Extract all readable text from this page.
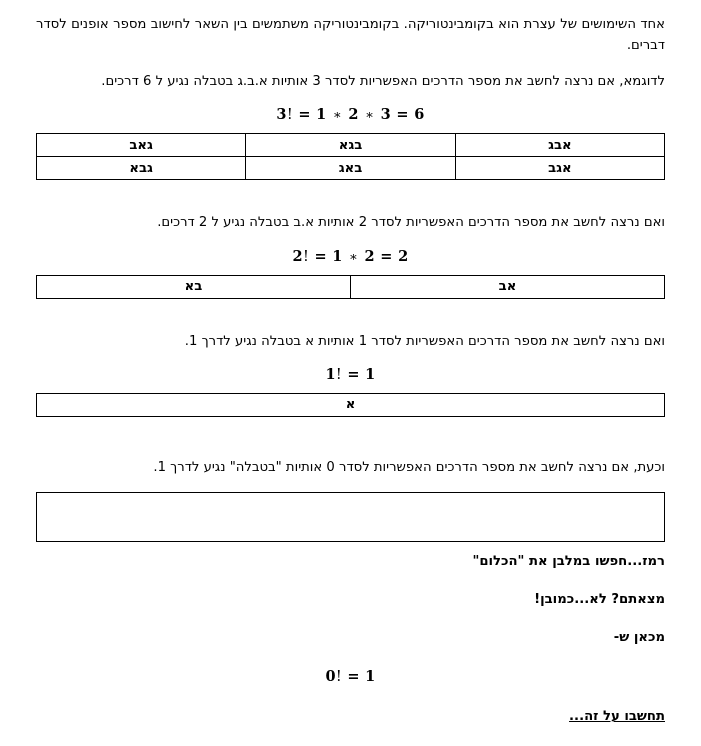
אחד השימושים של עצרת הוא בקומבינטוריקה. בקומבינטוריקה משתמשים בין השאר לחישוב מספר אופנים לסדר דברים.

לדוגמא, אם נרצה לחשב את מספר הדרכים האפשריות לסדר 3 אותיות א.ב.ג בטבלה נגיע ל 6 דרכים.

3! = 1 ∗ 2 ∗ 3 = 6
אבג	בגא	גאב
אגב	באג	גבא

ואם נרצה לחשב את מספר הדרכים האפשריות לסדר 2 אותיות א.ב בטבלה נגיע ל 2 דרכים.

2! = 1 ∗ 2 = 2
אב	בא

ואם נרצה לחשב את מספר הדרכים האפשריות לסדר 1 אותיות א בטבלה נגיע לדרך 1.

1! = 1
א

וכעת, אם נרצה לחשב את מספר הדרכים האפשריות לסדר 0 אותיות "בטבלה" נגיע לדרך 1.

רמז...חפשו במלבן את "הכלום"

מצאתם? לא...כמובן!

מכאן ש-

0! = 1

תחשבו על זה...
